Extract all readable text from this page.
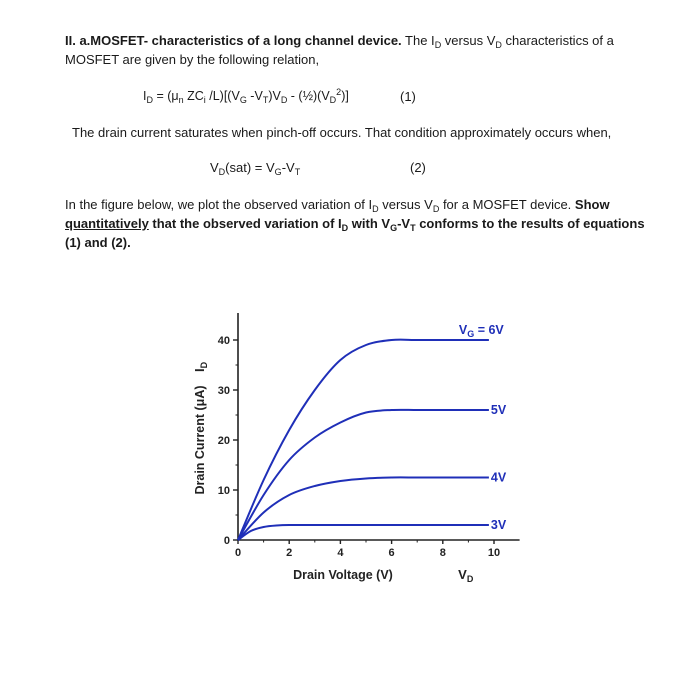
II. a.MOSFET- characteristics of a long channel device. The $I_D$ versus $V_D$ characteristics of a MOSFET are given by the following relation,
$I_D = (\mu_n$ $ZC_i$ $/L)[(V_G$ $-V_T)V_D$ - $(\frac{1}{2})(V_D^2)$]	(1)
The drain current saturates when pinch-off occurs. That condition approximately occurs when,
$V_D(sat) = V_G-V_T$	(2)
In the figure below, we plot the observed variation of $I_D$ versus $V_D$ for a MOSFET device. Show quantitatively that the observed variation of $I_D$ with $V_G-V_T$ conforms to the results of equations (1) and (2).
0	2	4	6	8	10
0
10
20
30
40
Drain Voltage (V)	$V_D$
Drain Current (μA)
$I_D$
$V_G = 6V$
5V
4V
3V
